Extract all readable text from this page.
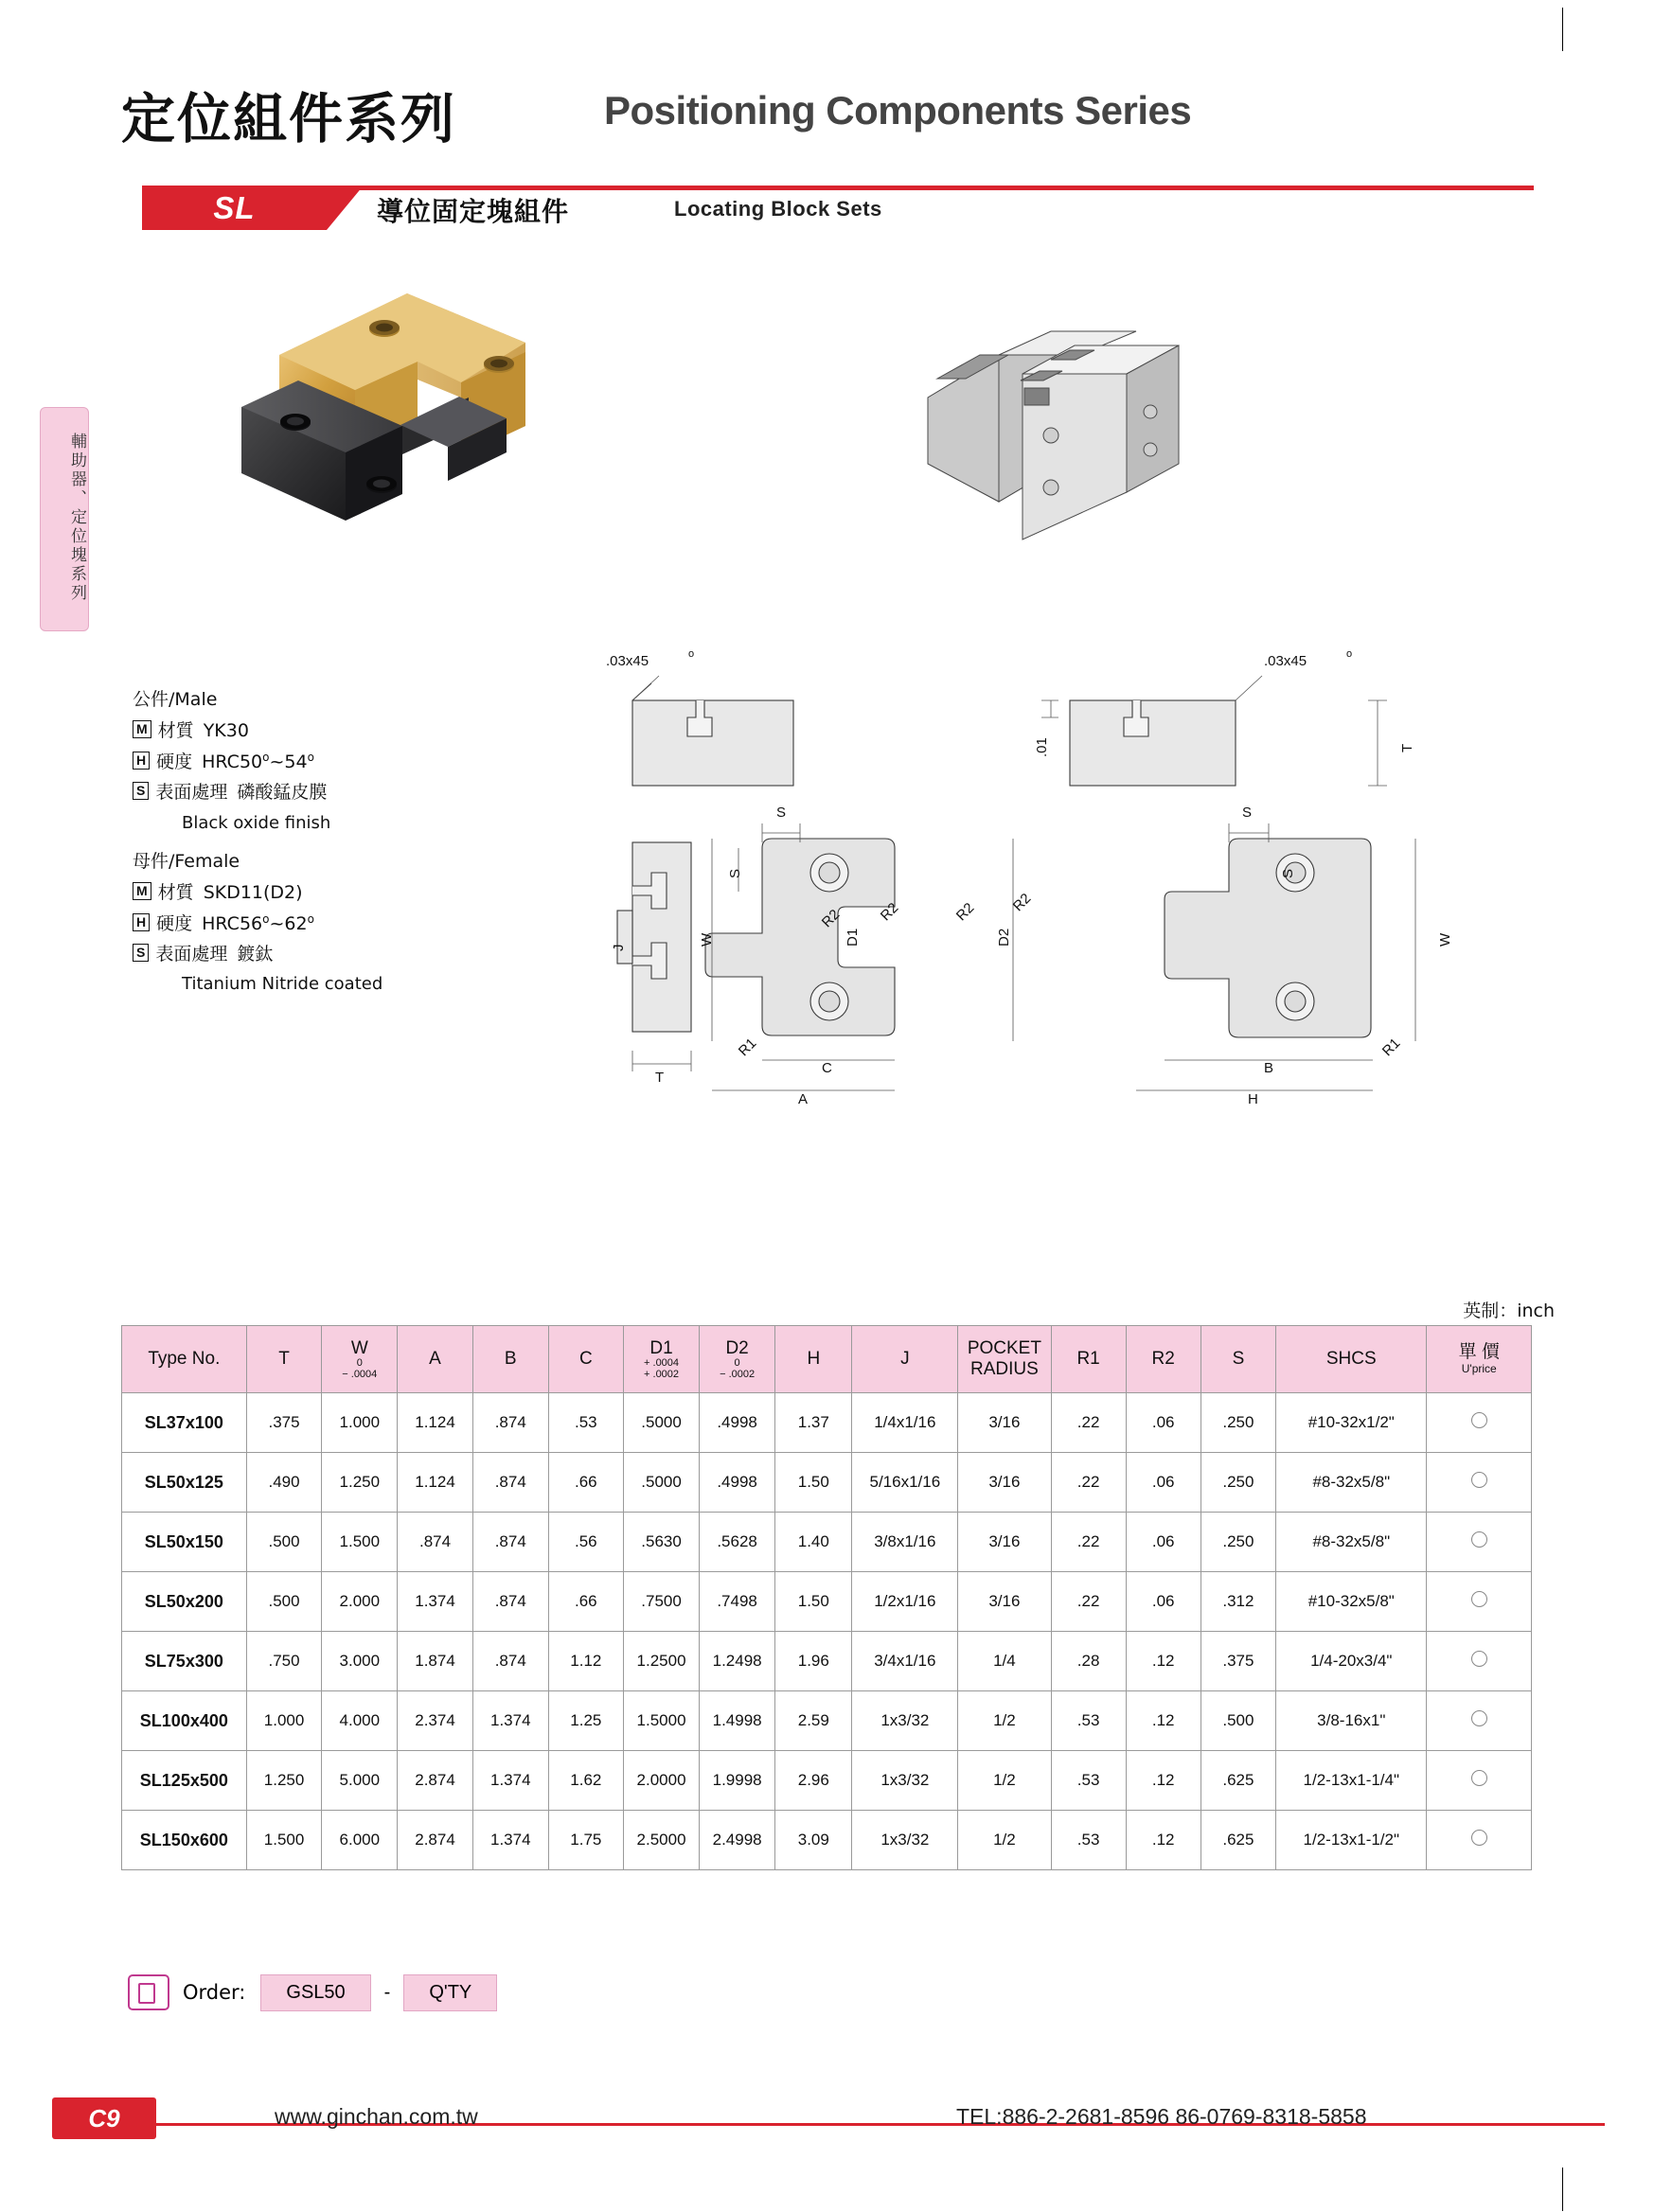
定位組件系列	Positioning Components Series
SL	導位固定塊組件	Locating Block Sets
輔助器、定位塊系列
公件/Male
M 材質 YK30
H 硬度 HRC50 o ~54 o
S 表面處理 磷酸錳皮膜
Black oxide finish
母件/Female
M 材質 SKD11(D2)
H 硬度 HRC56 o ~62 o
S 表面處理 鍍鈦
Titanium Nitride coated
.03x45	o	.03x45	o
.01	T
J
T
S
S
W
R2
R2
D1
R1
C
A
S
S
W
R2 R2
D2
R1
B
H
英制：inch
Type No.	T	W
0
− .0004	A	B	C	D1
+ .0004
+ .0002	D2
0
− .0002	H	J	POCKET
RADIUS	R1	R2	S	SHCS	單 價
U'price

SL37x100	.375	1.000	1.124	.874	.53	.5000	.4998	1.37	1/4x1/16	3/16	.22	.06	.250	#10-32x1/2"	
SL50x125	.490	1.250	1.124	.874	.66	.5000	.4998	1.50	5/16x1/16	3/16	.22	.06	.250	#8-32x5/8"	
SL50x150	.500	1.500	.874	.874	.56	.5630	.5628	1.40	3/8x1/16	3/16	.22	.06	.250	#8-32x5/8"	
SL50x200	.500	2.000	1.374	.874	.66	.7500	.7498	1.50	1/2x1/16	3/16	.22	.06	.312	#10-32x5/8"	
SL75x300	.750	3.000	1.874	.874	1.12	1.2500	1.2498	1.96	3/4x1/16	1/4	.28	.12	.375	1/4-20x3/4"	
SL100x400	1.000	4.000	2.374	1.374	1.25	1.5000	1.4998	2.59	1x3/32	1/2	.53	.12	.500	3/8-16x1"	
SL125x500	1.250	5.000	2.874	1.374	1.62	2.0000	1.9998	2.96	1x3/32	1/2	.53	.12	.625	1/2-13x1-1/4"	
SL150x600	1.500	6.000	2.874	1.374	1.75	2.5000	2.4998	3.09	1x3/32	1/2	.53	.12	.625	1/2-13x1-1/2"	
Order:	GSL50	-	Q'TY
C9	www.ginchan.com.tw	TEL:886-2-2681-8596 86-0769-8318-5858
